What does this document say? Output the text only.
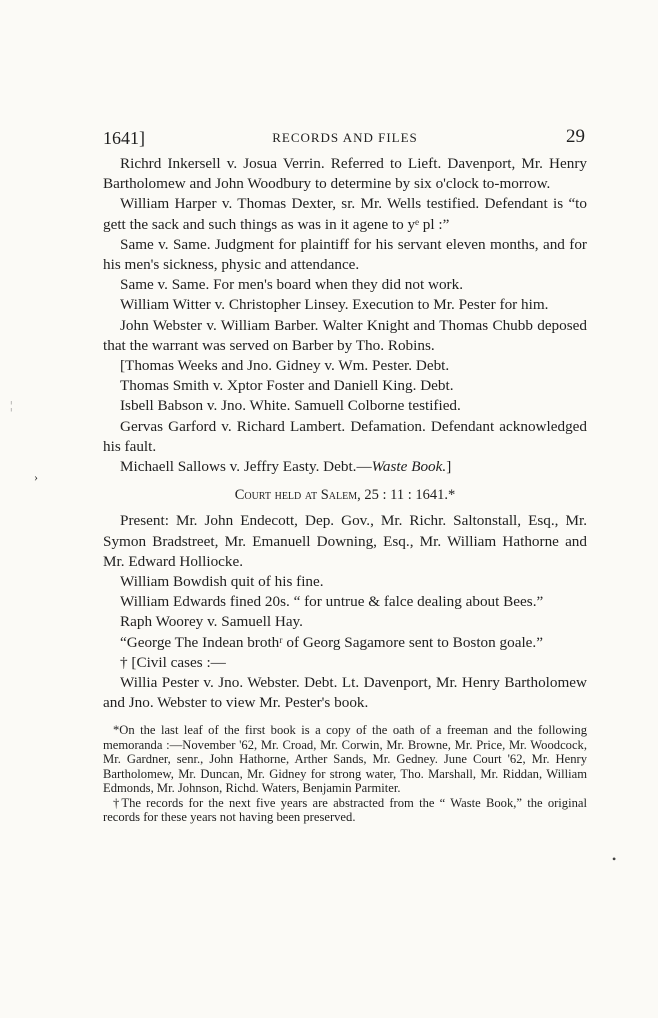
¦
›
•
1641]	RECORDS AND FILES	29

Richrd Inkersell v. Josua Verrin. Referred to Lieft. Davenport, Mr. Henry Bartholomew and John Woodbury to determine by six o'clock to-morrow.

William Harper v. Thomas Dexter, sr. Mr. Wells testified. Defendant is “to gett the sack and such things as was in it agene to yᵉ pl :”

Same v. Same. Judgment for plaintiff for his servant eleven months, and for his men's sickness, physic and attendance.

Same v. Same. For men's board when they did not work.

William Witter v. Christopher Linsey. Execution to Mr. Pester for him.

John Webster v. William Barber. Walter Knight and Thomas Chubb deposed that the warrant was served on Barber by Tho. Robins.

[Thomas Weeks and Jno. Gidney v. Wm. Pester. Debt.

Thomas Smith v. Xptor Foster and Daniell King. Debt.

Isbell Babson v. Jno. White. Samuell Colborne testified.

Gervas Garford v. Richard Lambert. Defamation. Defendant acknowledged his fault.

Michaell Sallows v. Jeffry Easty. Debt.—Waste Book.]

Court held at Salem, 25 : 11 : 1641.*

Present: Mr. John Endecott, Dep. Gov., Mr. Richr. Saltonstall, Esq., Mr. Symon Bradstreet, Mr. Emanuell Downing, Esq., Mr. William Hathorne and Mr. Edward Holliocke.

William Bowdish quit of his fine.

William Edwards fined 20s. “ for untrue & falce dealing about Bees.”

Raph Woorey v. Samuell Hay.

“George The Indean brothʳ of Georg Sagamore sent to Boston goale.”

† [Civil cases :—

Willia Pester v. Jno. Webster. Debt. Lt. Davenport, Mr. Henry Bartholomew and Jno. Webster to view Mr. Pester's book.

*On the last leaf of the first book is a copy of the oath of a freeman and the following memoranda :—November '62, Mr. Croad, Mr. Corwin, Mr. Browne, Mr. Price, Mr. Woodcock, Mr. Gardner, senr., John Hathorne, Arther Sands, Mr. Gedney. June Court '62, Mr. Henry Bartholomew, Mr. Duncan, Mr. Gidney for strong water, Tho. Marshall, Mr. Riddan, William Edmonds, Mr. Johnson, Richd. Waters, Benjamin Parmiter.

†The records for the next five years are abstracted from the “ Waste Book,” the original records for these years not having been preserved.
